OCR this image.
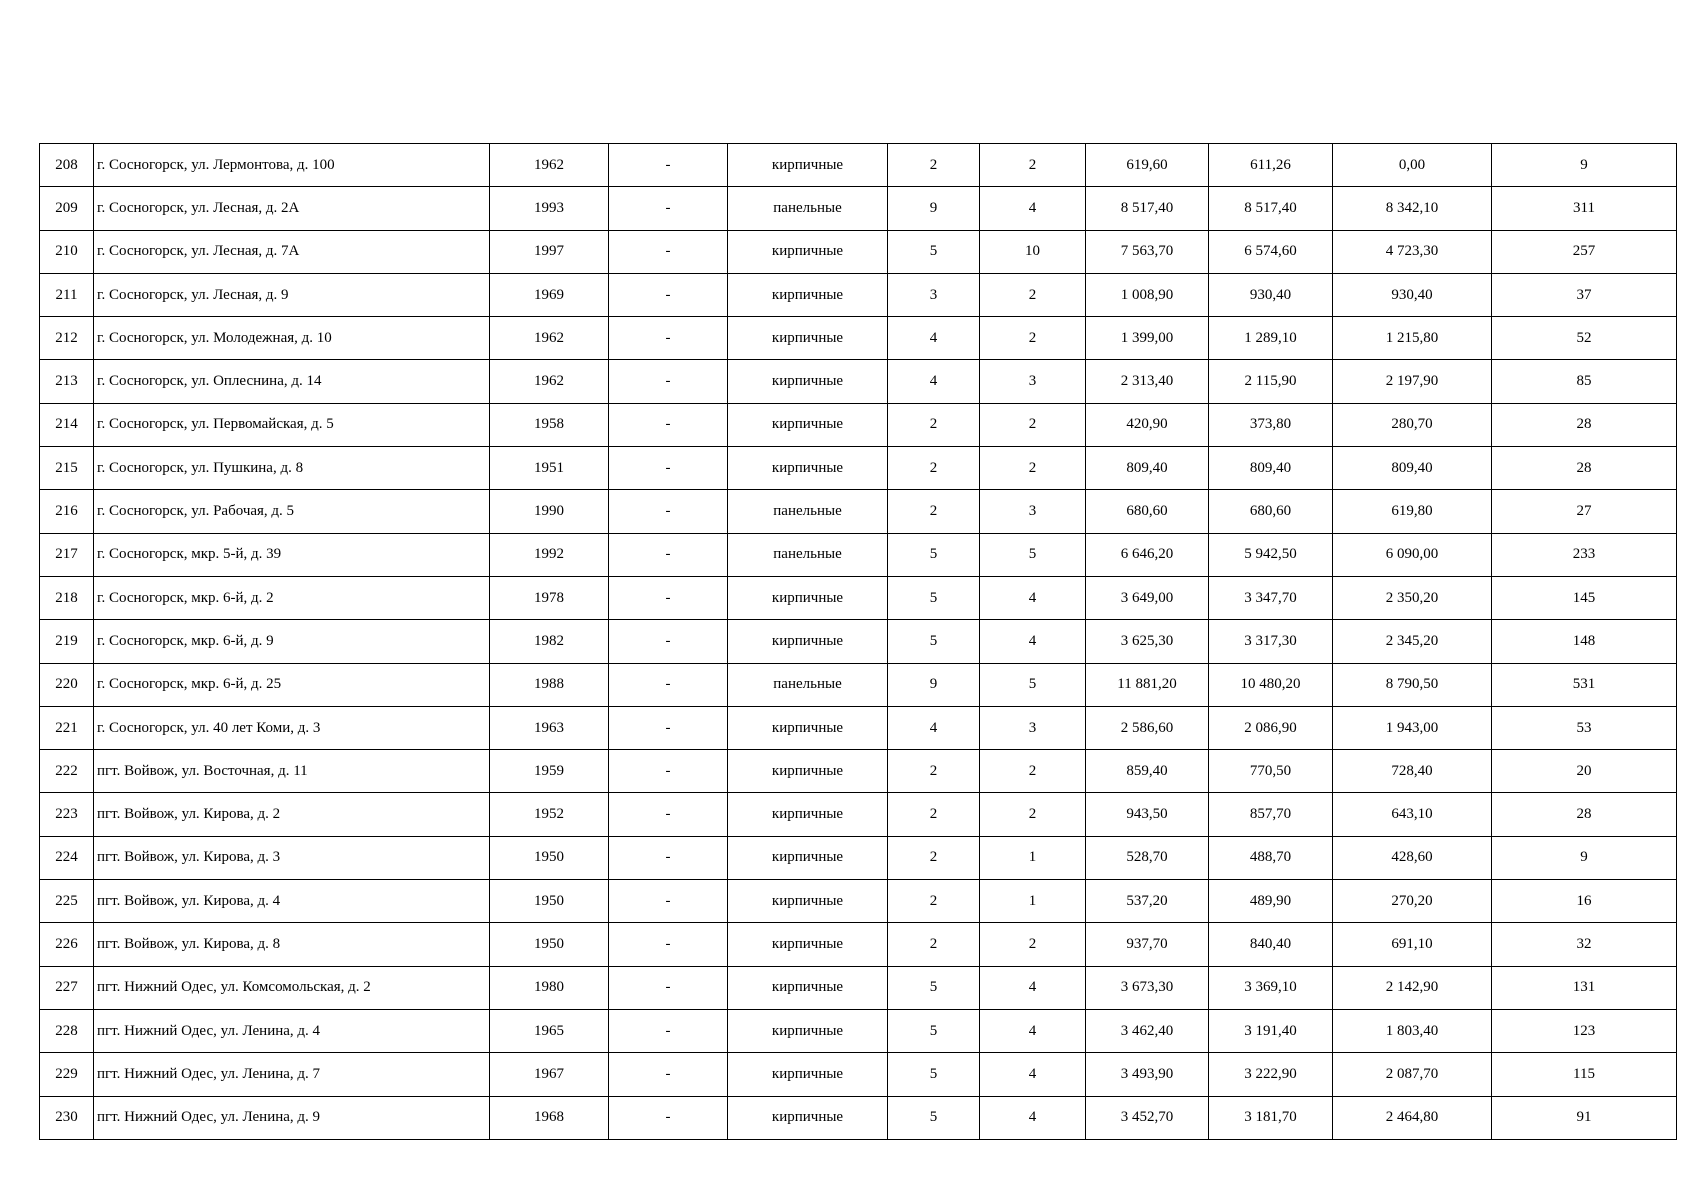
208	г. Сосногорск, ул. Лермонтова, д. 100	1962	-	кирпичные	2	2	619,60	611,26	0,00	9
209	г. Сосногорск, ул. Лесная, д. 2А	1993	-	панельные	9	4	8 517,40	8 517,40	8 342,10	311
210	г. Сосногорск, ул. Лесная, д. 7А	1997	-	кирпичные	5	10	7 563,70	6 574,60	4 723,30	257
211	г. Сосногорск, ул. Лесная, д. 9	1969	-	кирпичные	3	2	1 008,90	930,40	930,40	37
212	г. Сосногорск, ул. Молодежная, д. 10	1962	-	кирпичные	4	2	1 399,00	1 289,10	1 215,80	52
213	г. Сосногорск, ул. Оплеснина, д. 14	1962	-	кирпичные	4	3	2 313,40	2 115,90	2 197,90	85
214	г. Сосногорск, ул. Первомайская, д. 5	1958	-	кирпичные	2	2	420,90	373,80	280,70	28
215	г. Сосногорск, ул. Пушкина, д. 8	1951	-	кирпичные	2	2	809,40	809,40	809,40	28
216	г. Сосногорск, ул. Рабочая, д. 5	1990	-	панельные	2	3	680,60	680,60	619,80	27
217	г. Сосногорск, мкр. 5-й, д. 39	1992	-	панельные	5	5	6 646,20	5 942,50	6 090,00	233
218	г. Сосногорск, мкр. 6-й, д. 2	1978	-	кирпичные	5	4	3 649,00	3 347,70	2 350,20	145
219	г. Сосногорск, мкр. 6-й, д. 9	1982	-	кирпичные	5	4	3 625,30	3 317,30	2 345,20	148
220	г. Сосногорск, мкр. 6-й, д. 25	1988	-	панельные	9	5	11 881,20	10 480,20	8 790,50	531
221	г. Сосногорск, ул. 40 лет Коми, д. 3	1963	-	кирпичные	4	3	2 586,60	2 086,90	1 943,00	53
222	пгт. Войвож, ул. Восточная, д. 11	1959	-	кирпичные	2	2	859,40	770,50	728,40	20
223	пгт. Войвож, ул. Кирова, д. 2	1952	-	кирпичные	2	2	943,50	857,70	643,10	28
224	пгт. Войвож, ул. Кирова, д. 3	1950	-	кирпичные	2	1	528,70	488,70	428,60	9
225	пгт. Войвож, ул. Кирова, д. 4	1950	-	кирпичные	2	1	537,20	489,90	270,20	16
226	пгт. Войвож, ул. Кирова, д. 8	1950	-	кирпичные	2	2	937,70	840,40	691,10	32
227	пгт. Нижний Одес, ул. Комсомольская, д. 2	1980	-	кирпичные	5	4	3 673,30	3 369,10	2 142,90	131
228	пгт. Нижний Одес, ул. Ленина, д. 4	1965	-	кирпичные	5	4	3 462,40	3 191,40	1 803,40	123
229	пгт. Нижний Одес, ул. Ленина, д. 7	1967	-	кирпичные	5	4	3 493,90	3 222,90	2 087,70	115
230	пгт. Нижний Одес, ул. Ленина, д. 9	1968	-	кирпичные	5	4	3 452,70	3 181,70	2 464,80	91
